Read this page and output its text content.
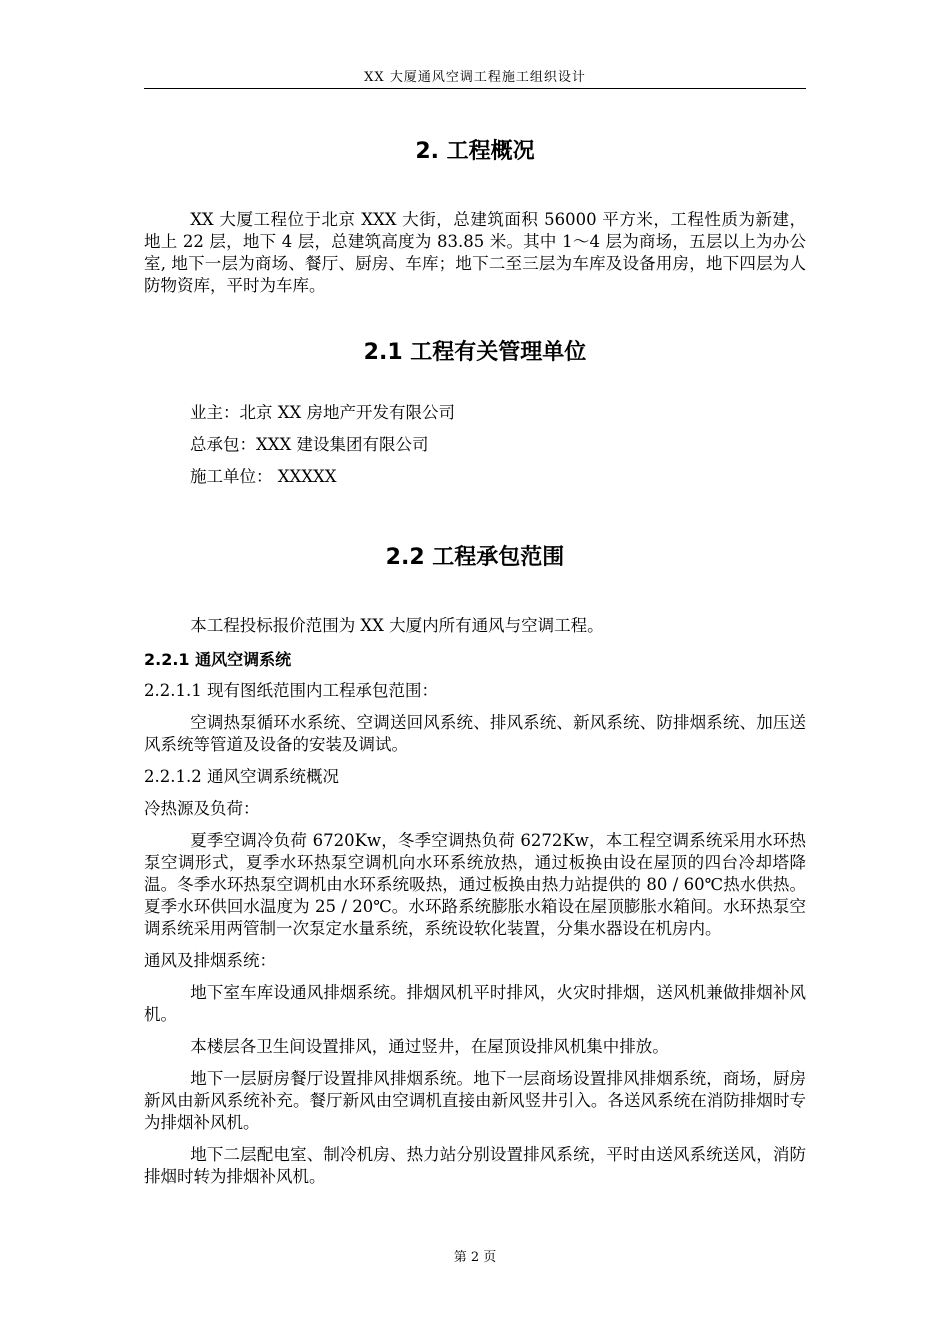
XX 大厦通风空调工程施工组织设计
2. 工程概况

XX 大厦工程位于北京 XXX 大街，总建筑面积 56000 平方米，工程性质为新建，地上 22 层，地下 4 层，总建筑高度为 83.85 米。其中 1～4 层为商场，五层以上为办公室, 地下一层为商场、餐厅、厨房、车库；地下二至三层为车库及设备用房，地下四层为人防物资库，平时为车库。

2.1 工程有关管理单位

业主：北京 XX 房地产开发有限公司

总承包：XXX 建设集团有限公司

施工单位： XXXXX

2.2 工程承包范围

本工程投标报价范围为 XX 大厦内所有通风与空调工程。

2.2.1 通风空调系统

2.2.1.1 现有图纸范围内工程承包范围：

空调热泵循环水系统、空调送回风系统、排风系统、新风系统、防排烟系统、加压送风系统等管道及设备的安装及调试。

2.2.1.2 通风空调系统概况

冷热源及负荷：

夏季空调冷负荷 6720Kw，冬季空调热负荷 6272Kw，本工程空调系统采用水环热泵空调形式，夏季水环热泵空调机向水环系统放热，通过板换由设在屋顶的四台冷却塔降温。冬季水环热泵空调机由水环系统吸热，通过板换由热力站提供的 80 / 60℃热水供热。夏季水环供回水温度为 25 / 20℃。水环路系统膨胀水箱设在屋顶膨胀水箱间。水环热泵空调系统采用两管制一次泵定水量系统，系统设软化装置，分集水器设在机房内。

通风及排烟系统：

地下室车库设通风排烟系统。排烟风机平时排风，火灾时排烟，送风机兼做排烟补风机。

本楼层各卫生间设置排风，通过竖井，在屋顶设排风机集中排放。

地下一层厨房餐厅设置排风排烟系统。地下一层商场设置排风排烟系统，商场，厨房新风由新风系统补充。餐厅新风由空调机直接由新风竖井引入。各送风系统在消防排烟时专为排烟补风机。

地下二层配电室、制冷机房、热力站分别设置排风系统，平时由送风系统送风，消防排烟时转为排烟补风机。

第 2 页
